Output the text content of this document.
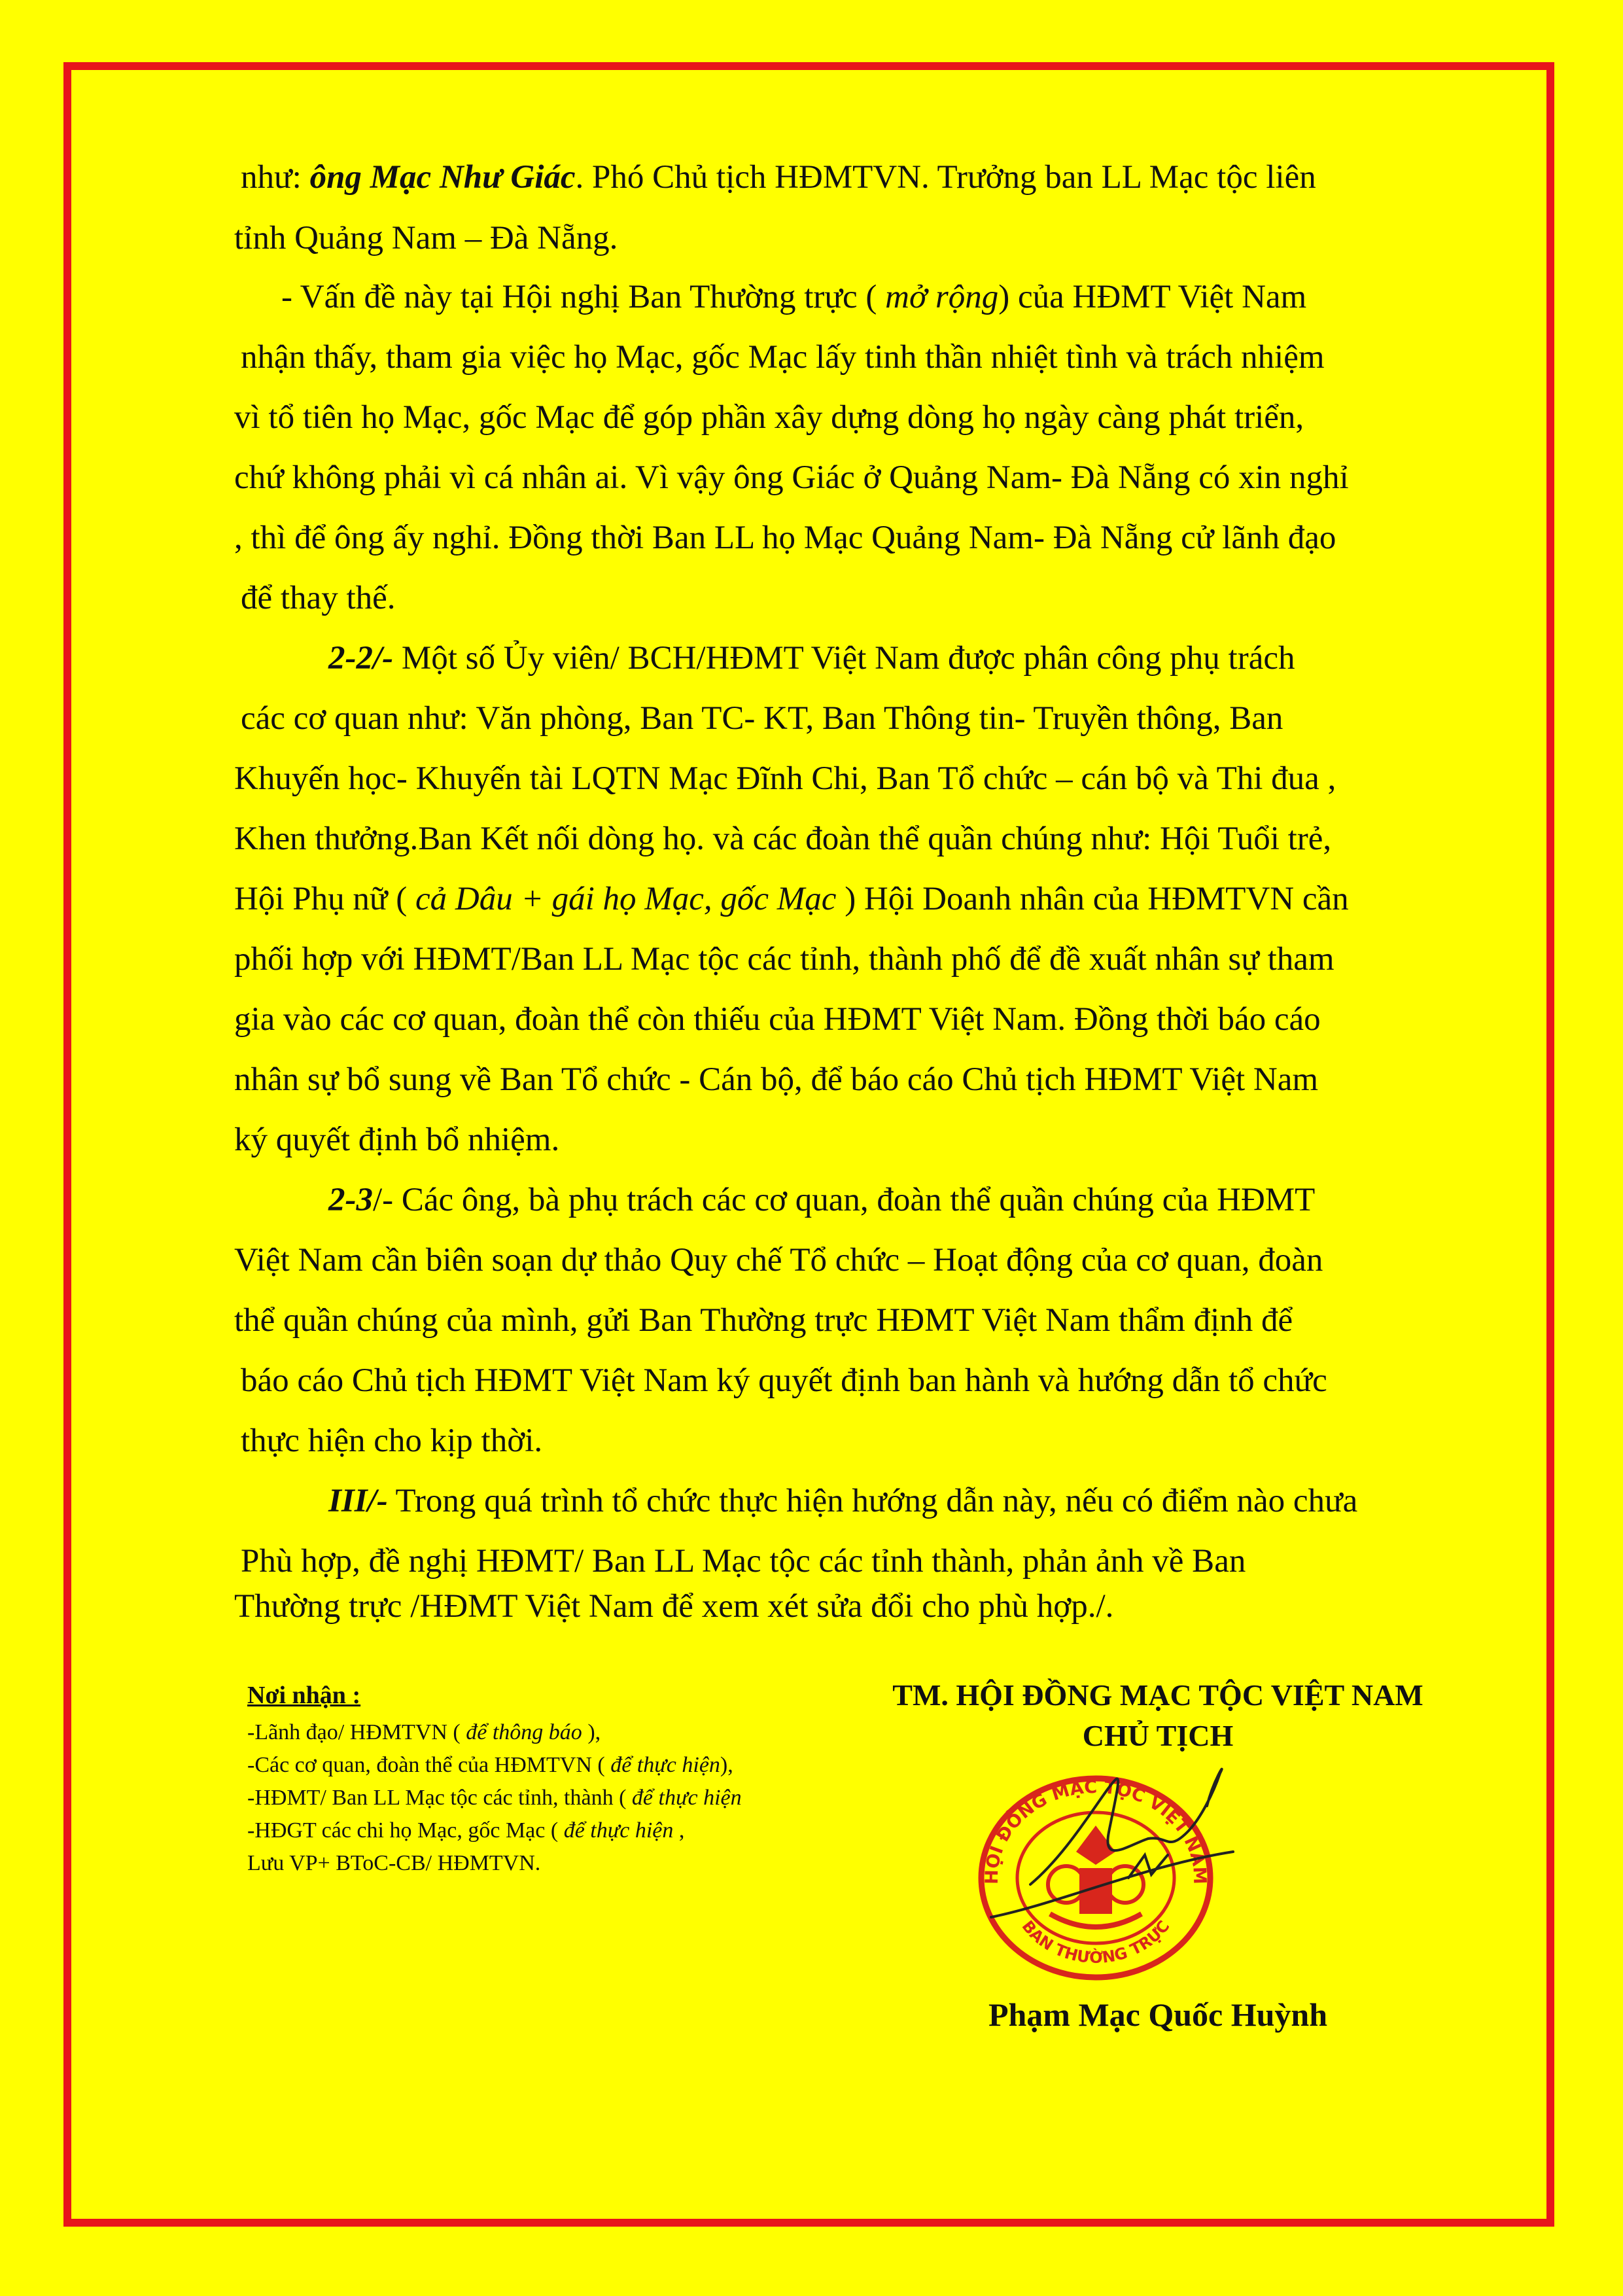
như: ông Mạc Như Giác. Phó Chủ tịch HĐMTVN. Trưởng ban LL Mạc tộc liên
tỉnh Quảng Nam – Đà Nẵng.
- Vấn đề này tại Hội nghị Ban Thường trực ( mở rộng) của HĐMT Việt Nam
nhận thấy, tham gia việc họ Mạc, gốc Mạc lấy tinh thần nhiệt tình và trách nhiệm
vì tổ tiên họ Mạc, gốc Mạc để góp phần xây dựng dòng họ ngày càng phát triển,
chứ không phải vì cá nhân ai. Vì vậy ông Giác ở Quảng Nam- Đà Nẵng có xin nghỉ
, thì để ông ấy nghỉ. Đồng thời Ban LL họ Mạc Quảng Nam- Đà Nẵng cử lãnh đạo
để thay thế.
2-2/- Một số Ủy viên/ BCH/HĐMT Việt Nam được phân công phụ trách
các cơ quan như: Văn phòng, Ban TC- KT, Ban Thông tin- Truyền thông, Ban
Khuyến học- Khuyến tài LQTN Mạc Đĩnh Chi, Ban Tổ chức – cán bộ và Thi đua ,
Khen thưởng.Ban Kết nối dòng họ. và các đoàn thể quần chúng như: Hội Tuổi trẻ,
Hội Phụ nữ ( cả Dâu + gái họ Mạc, gốc Mạc ) Hội Doanh nhân của HĐMTVN cần
phối hợp với HĐMT/Ban LL Mạc tộc các tỉnh, thành phố để đề xuất nhân sự tham
gia vào các cơ quan, đoàn thể còn thiếu của HĐMT Việt Nam. Đồng thời báo cáo
nhân sự bổ sung về Ban Tổ chức - Cán bộ, để báo cáo Chủ tịch HĐMT Việt Nam
ký quyết định bổ nhiệm.
2-3/- Các ông, bà phụ trách các cơ quan, đoàn thể quần chúng của HĐMT
Việt Nam cần biên soạn dự thảo Quy chế Tổ chức – Hoạt động của cơ quan, đoàn
thể quần chúng của mình, gửi Ban Thường trực HĐMT Việt Nam thẩm định để
báo cáo Chủ tịch HĐMT Việt Nam ký quyết định ban hành và hướng dẫn tổ chức
thực hiện cho kịp thời.
III/- Trong quá trình tổ chức thực hiện hướng dẫn này, nếu có điểm nào chưa
Phù hợp, đề nghị HĐMT/ Ban LL Mạc tộc các tỉnh thành, phản ảnh về Ban
Thường trực /HĐMT Việt Nam để xem xét sửa đổi cho phù hợp./.
Nơi nhận :
-Lãnh đạo/ HĐMTVN ( để thông báo ),
-Các cơ quan, đoàn thể của HĐMTVN ( để thực hiện),
-HĐMT/ Ban LL Mạc tộc các tỉnh, thành ( để thực hiện
-HĐGT các chi họ Mạc, gốc Mạc ( để thực hiện ,
Lưu VP+ BToC-CB/ HĐMTVN.
TM. HỘI ĐỒNG MẠC TỘC VIỆT NAM
CHỦ TỊCH
HỘI ĐỒNG MẠC TỘC VIỆT NAM
BAN THƯỜNG TRỰC
Phạm Mạc Quốc Huỳnh
